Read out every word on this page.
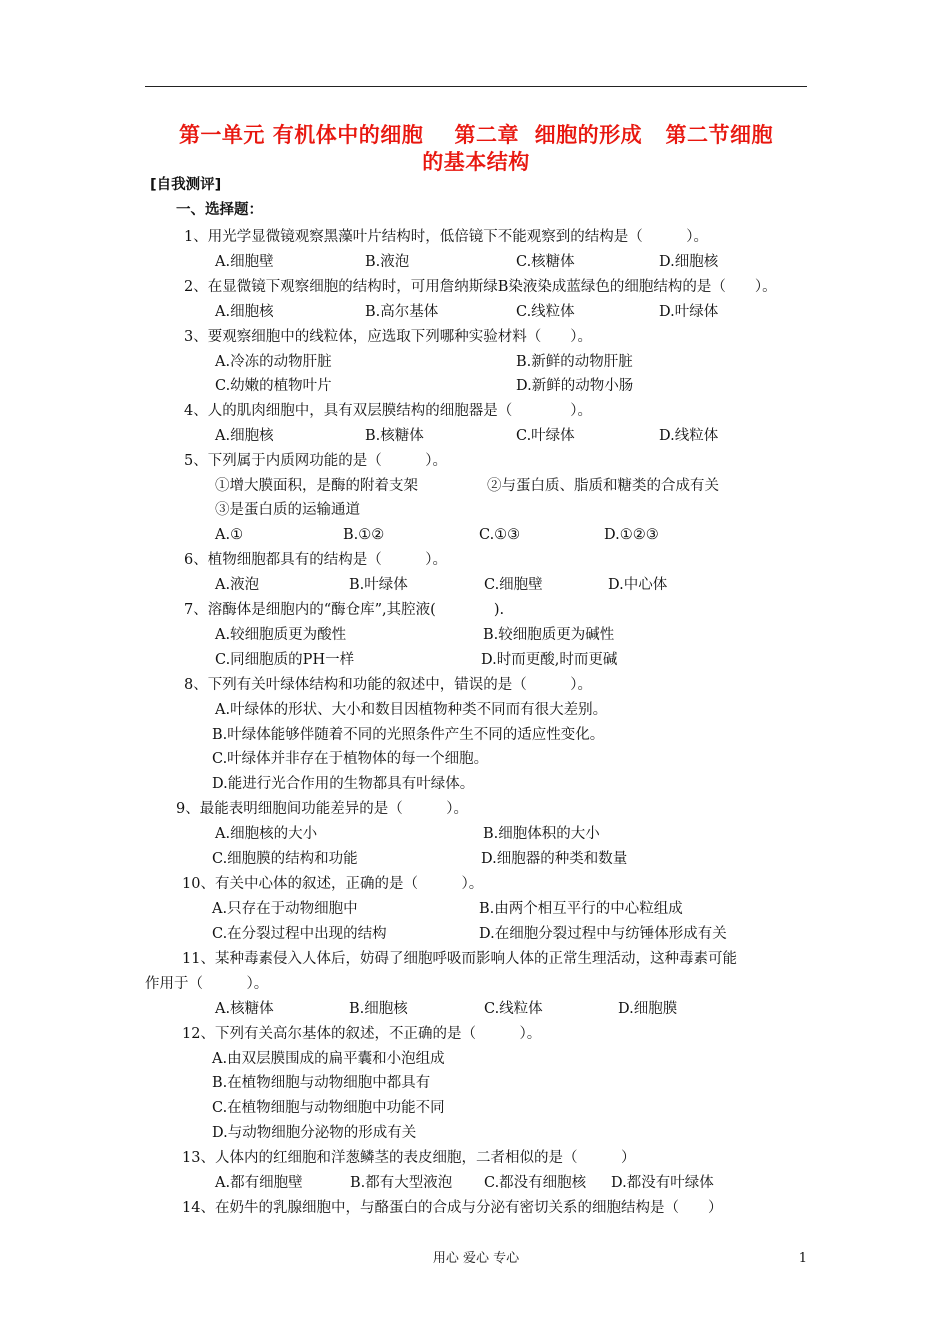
第一单元 有机体中的细胞    第二章  细胞的形成   第二节细胞
的基本结构
[自我测评]
一、选择题：
1、用光学显微镜观察黑藻叶片结构时，低倍镜下不能观察到的结构是（　　　）。
A.细胞壁	B.液泡	C.核糖体	D.细胞核
2、在显微镜下观察细胞的结构时，可用詹纳斯绿B染液染成蓝绿色的细胞结构的是（　　）。
A.细胞核	B.高尔基体	C.线粒体	D.叶绿体
3、要观察细胞中的线粒体，应选取下列哪种实验材料（　　）。
A.冷冻的动物肝脏	B.新鲜的动物肝脏
C.幼嫩的植物叶片	D.新鲜的动物小肠
4、人的肌肉细胞中，具有双层膜结构的细胞器是（　　　　）。
A.细胞核	B.核糖体	C.叶绿体	D.线粒体
5、下列属于内质网功能的是（　　　）。
①增大膜面积，是酶的附着支架	②与蛋白质、脂质和糖类的合成有关
③是蛋白质的运输通道
A.①	B.①②	C.①③	D.①②③
6、植物细胞都具有的结构是（　　　）。
A.液泡	B.叶绿体	C.细胞壁	D.中心体
7、溶酶体是细胞内的“酶仓库”,其腔液(　　　　).
A.较细胞质更为酸性	B.较细胞质更为碱性
C.同细胞质的PH一样	D.时而更酸,时而更碱
8、下列有关叶绿体结构和功能的叙述中，错误的是（　　　）。
A.叶绿体的形状、大小和数目因植物种类不同而有很大差别。
B.叶绿体能够伴随着不同的光照条件产生不同的适应性变化。
C.叶绿体并非存在于植物体的每一个细胞。
D.能进行光合作用的生物都具有叶绿体。
9、最能表明细胞间功能差异的是（　　　）。
A.细胞核的大小	B.细胞体积的大小
C.细胞膜的结构和功能	D.细胞器的种类和数量
10、有关中心体的叙述，正确的是（　　　）。
A.只存在于动物细胞中	B.由两个相互平行的中心粒组成
C.在分裂过程中出现的结构	D.在细胞分裂过程中与纺锤体形成有关
11、某种毒素侵入人体后，妨碍了细胞呼吸而影响人体的正常生理活动，这种毒素可能
作用于（　　　）。
A.核糖体	B.细胞核	C.线粒体	D.细胞膜
12、下列有关高尔基体的叙述，不正确的是（　　　）。
A.由双层膜围成的扁平囊和小泡组成
B.在植物细胞与动物细胞中都具有
C.在植物细胞与动物细胞中功能不同
D.与动物细胞分泌物的形成有关
13、人体内的红细胞和洋葱鳞茎的表皮细胞，二者相似的是（　　　）
A.都有细胞壁	B.都有大型液泡 C.都没有细胞核 D.都没有叶绿体
14、在奶牛的乳腺细胞中，与酪蛋白的合成与分泌有密切关系的细胞结构是（　　）
用心 爱心 专心	1
